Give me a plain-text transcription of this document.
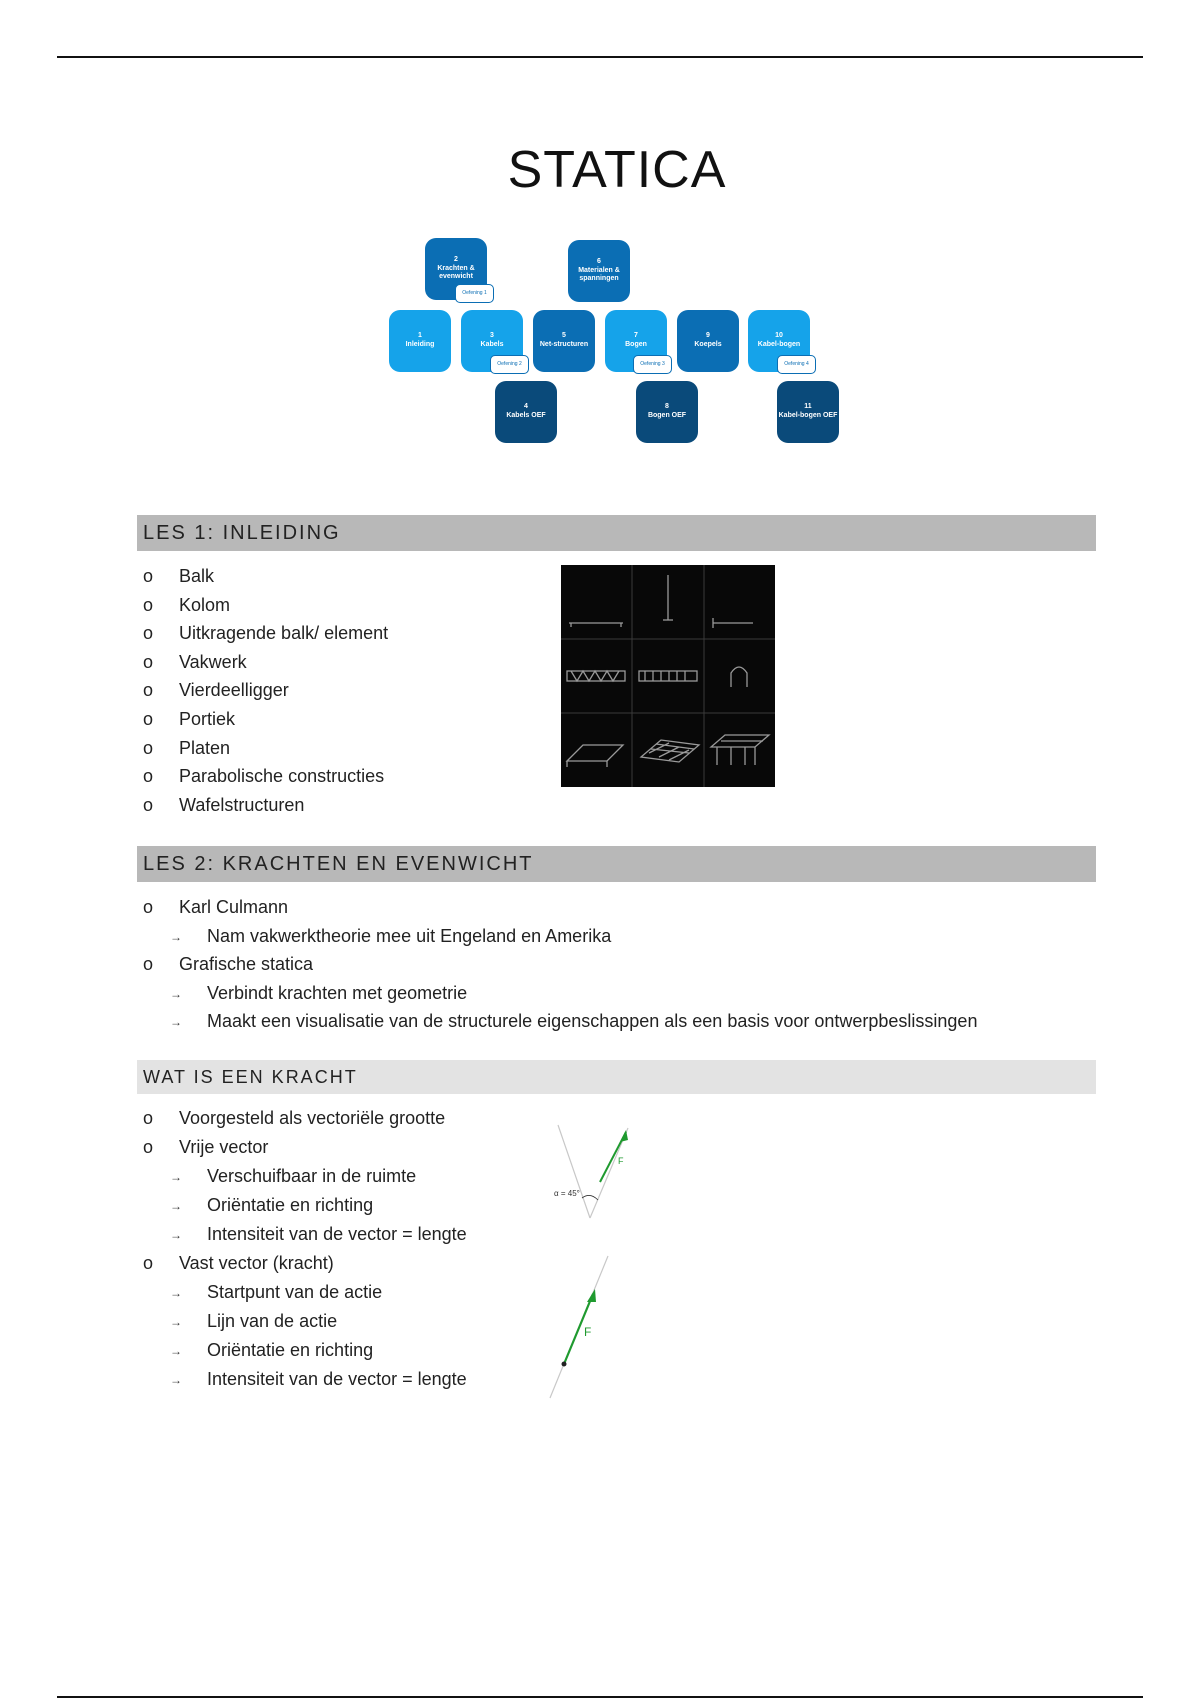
STATICA
2
Krachten & evenwicht
6
Materialen & spanningen
1
Inleiding
3
Kabels
5
Net-structuren
7
Bogen
9
Koepels
10
Kabel-bogen
4
Kabels OEF
8
Bogen OEF
11
Kabel-bogen OEF
Oefening 1
Oefening 2	Oefening 3	Oefening 4
LES 1: INLEIDING
o Balk
o Kolom
o Uitkragende balk/ element
o Vakwerk
o Vierdeelligger
o Portiek
o Platen
o Parabolische constructies
o Wafelstructuren
LES 2: KRACHTEN EN EVENWICHT
o Karl Culmann
→ Nam vakwerktheorie mee uit Engeland en Amerika
o Grafische statica
→ Verbindt krachten met geometrie
→ Maakt een visualisatie van de structurele eigenschappen als een basis voor ontwerpbeslissingen
WAT IS EEN KRACHT
o Voorgesteld als vectoriële grootte
o Vrije vector
→ Verschuifbaar in de ruimte
→ Oriëntatie en richting
→ Intensiteit van de vector = lengte
o Vast vector (kracht)
→ Startpunt van de actie
→ Lijn van de actie
→ Oriëntatie en richting
→ Intensiteit van de vector = lengte
α = 45°
F
F
